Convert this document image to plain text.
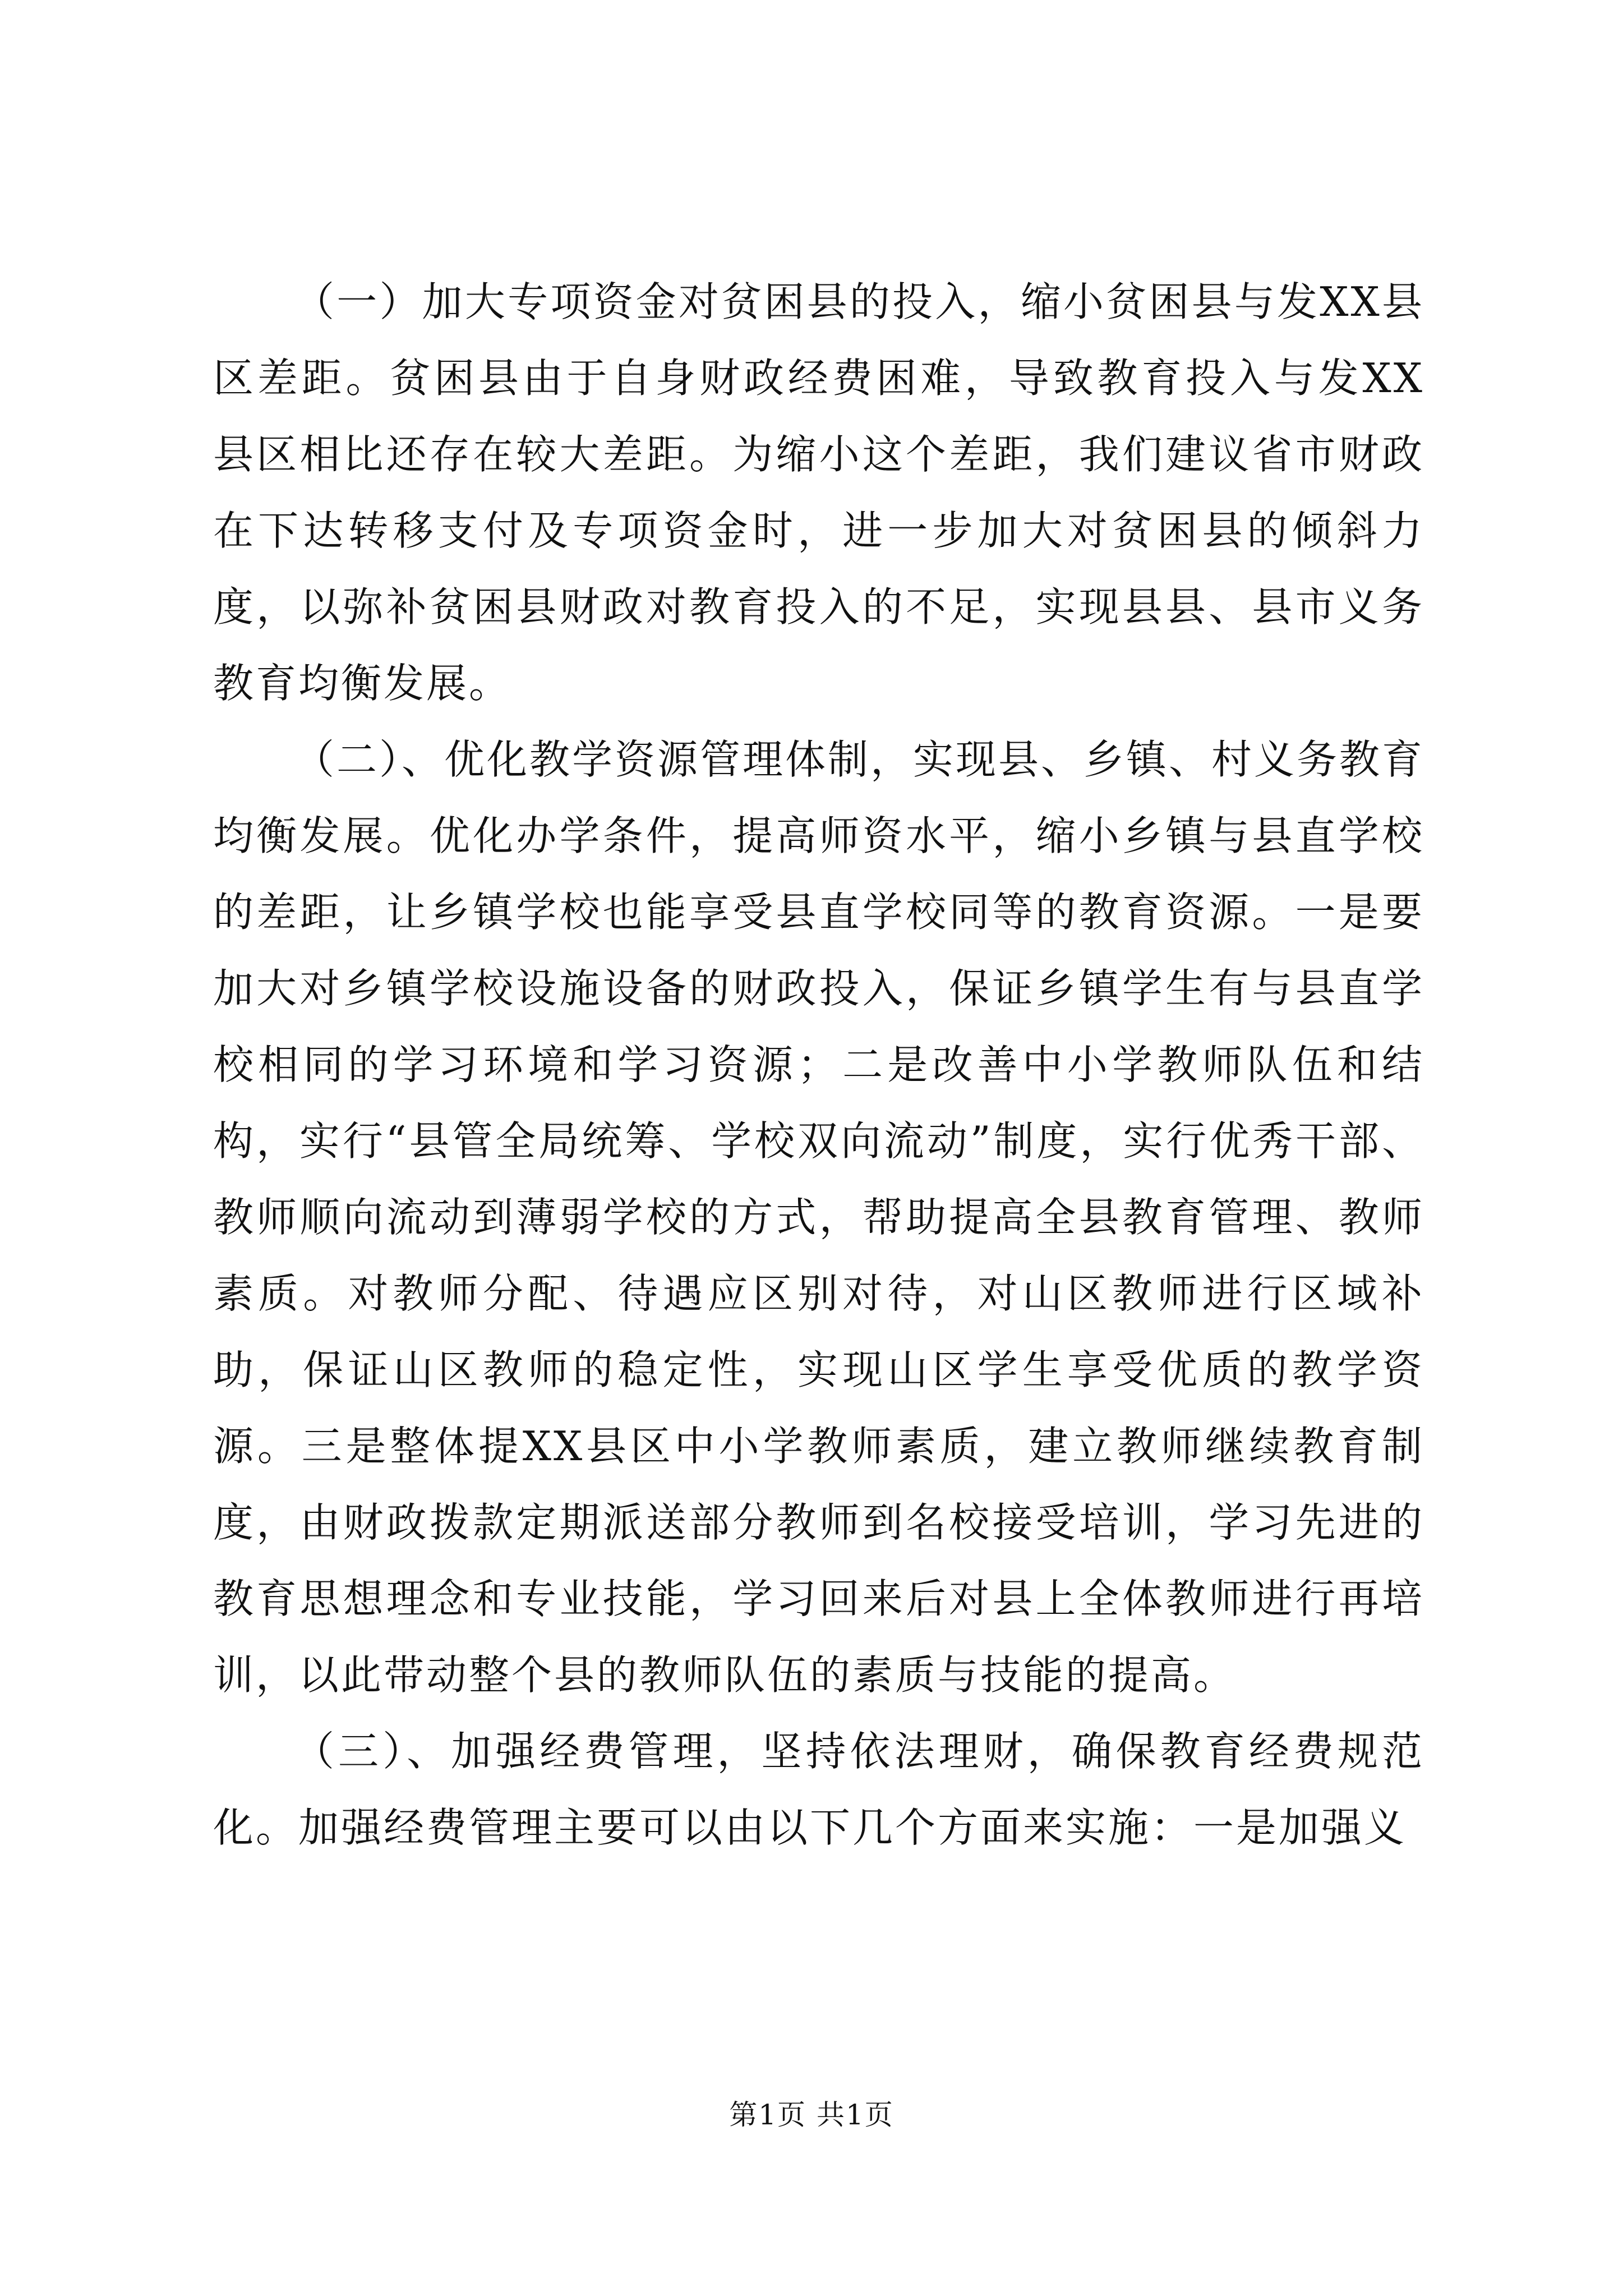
（一）加大专项资金对贫困县的投入，缩小贫困县与发XX县区差距。贫困县由于自身财政经费困难，导致教育投入与发XX县区相比还存在较大差距。为缩小这个差距，我们建议省市财政在下达转移支付及专项资金时，进一步加大对贫困县的倾斜力度，以弥补贫困县财政对教育投入的不足，实现县县、县市义务教育均衡发展。

（二）、优化教学资源管理体制，实现县、乡镇、村义务教育均衡发展。优化办学条件，提高师资水平，缩小乡镇与县直学校的差距，让乡镇学校也能享受县直学校同等的教育资源。一是要加大对乡镇学校设施设备的财政投入，保证乡镇学生有与县直学校相同的学习环境和学习资源；二是改善中小学教师队伍和结构，实行“县管全局统筹、学校双向流动”制度，实行优秀干部、教师顺向流动到薄弱学校的方式，帮助提高全县教育管理、教师素质。对教师分配、待遇应区别对待，对山区教师进行区域补助，保证山区教师的稳定性，实现山区学生享受优质的教学资源。三是整体提XX县区中小学教师素质，建立教师继续教育制度，由财政拨款定期派送部分教师到名校接受培训，学习先进的教育思想理念和专业技能，学习回来后对县上全体教师进行再培训，以此带动整个县的教师队伍的素质与技能的提高。

（三）、加强经费管理，坚持依法理财，确保教育经费规范化。加强经费管理主要可以由以下几个方面来实施：一是加强义

第1页 共1页
